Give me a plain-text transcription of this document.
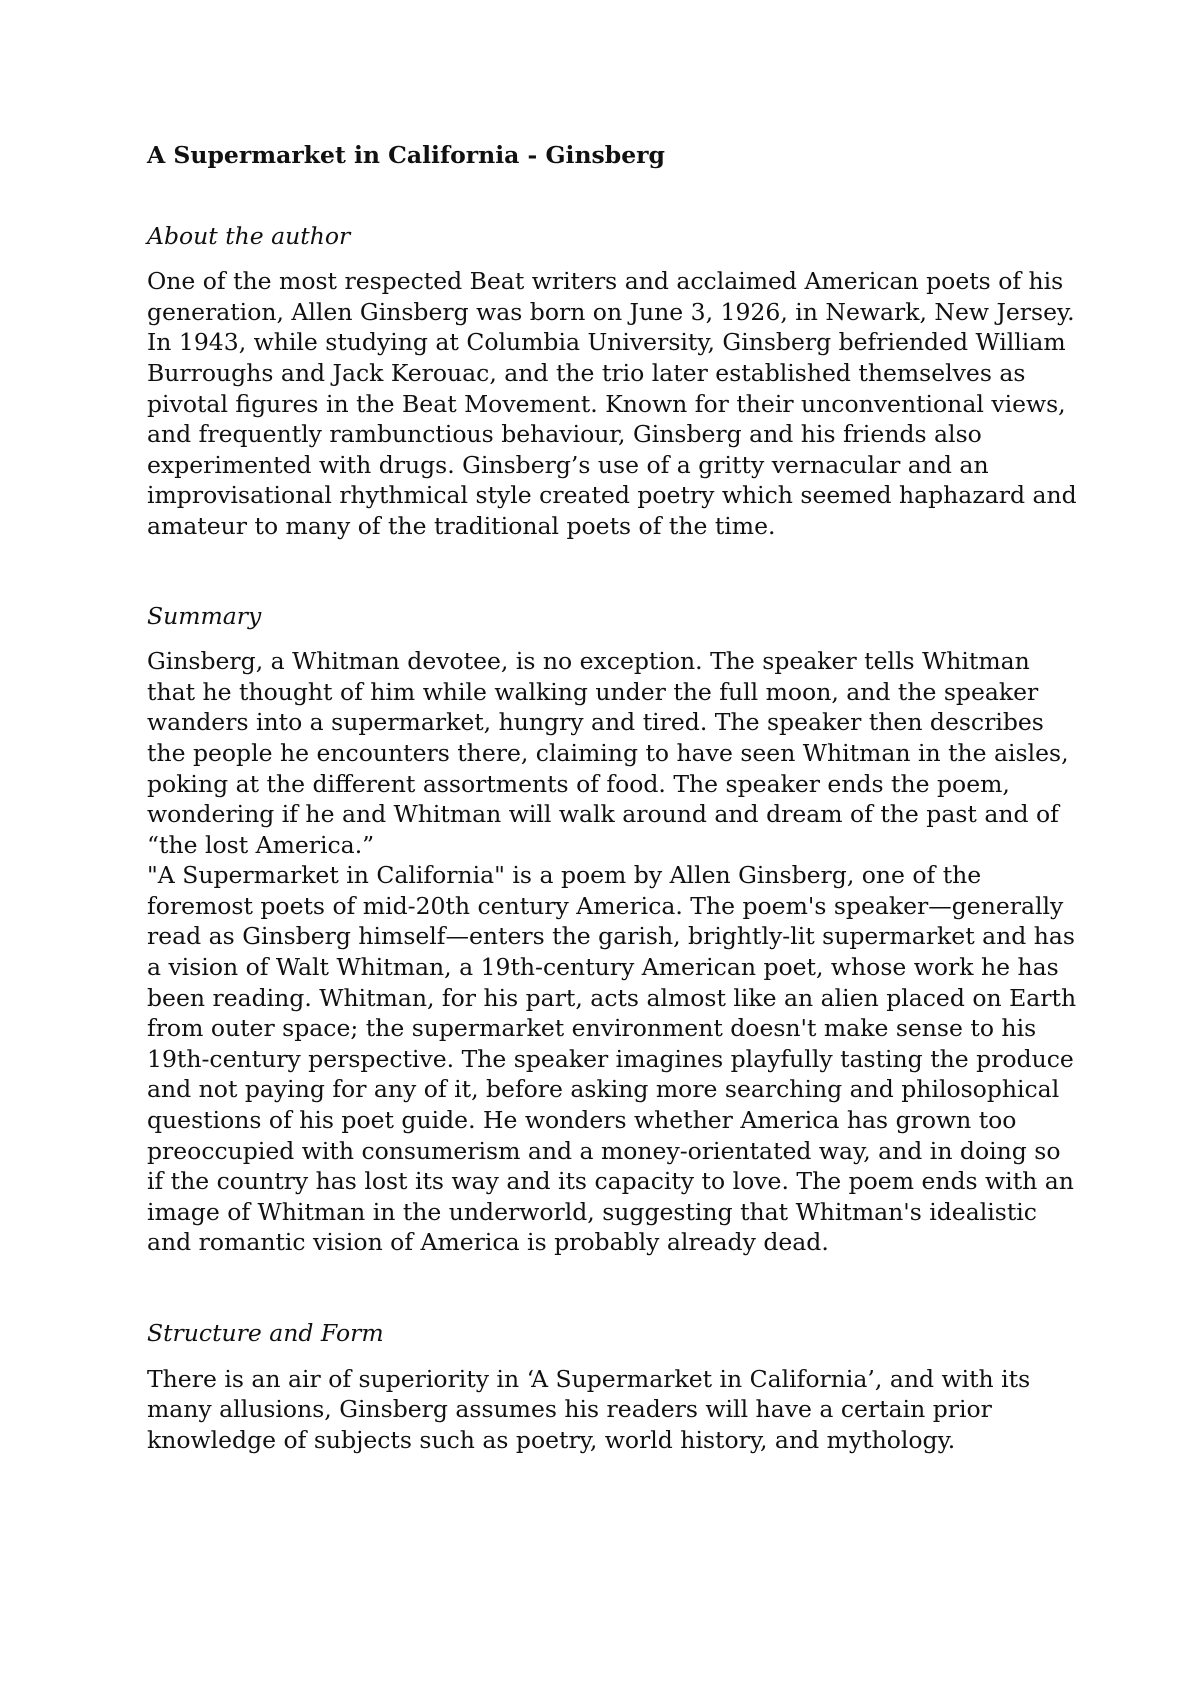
A Supermarket in California - Ginsberg
About the author

One of the most respected Beat writers and acclaimed American poets of his generation, Allen Ginsberg was born on June 3, 1926, in Newark, New Jersey. In 1943, while studying at Columbia University, Ginsberg befriended William Burroughs and Jack Kerouac, and the trio later established themselves as pivotal figures in the Beat Movement. Known for their unconventional views, and frequently rambunctious behaviour, Ginsberg and his friends also experimented with drugs. Ginsberg’s use of a gritty vernacular and an improvisational rhythmical style created poetry which seemed haphazard and amateur to many of the traditional poets of the time.

Summary

Ginsberg, a Whitman devotee, is no exception. The speaker tells Whitman that he thought of him while walking under the full moon, and the speaker wanders into a supermarket, hungry and tired. The speaker then describes the people he encounters there, claiming to have seen Whitman in the aisles, poking at the different assortments of food. The speaker ends the poem, wondering if he and Whitman will walk around and dream of the past and of “the lost America.”

"A Supermarket in California" is a poem by Allen Ginsberg, one of the foremost poets of mid-20th century America. The poem's speaker—generally read as Ginsberg himself—enters the garish, brightly-lit supermarket and has a vision of Walt Whitman, a 19th-century American poet, whose work he has been reading. Whitman, for his part, acts almost like an alien placed on Earth from outer space; the supermarket environment doesn't make sense to his 19th-century perspective. The speaker imagines playfully tasting the produce and not paying for any of it, before asking more searching and philosophical questions of his poet guide. He wonders whether America has grown too preoccupied with consumerism and a money-orientated way, and in doing so if the country has lost its way and its capacity to love. The poem ends with an image of Whitman in the underworld, suggesting that Whitman's idealistic and romantic vision of America is probably already dead.

Structure and Form

There is an air of superiority in ‘A Supermarket in California’, and with its many allusions, Ginsberg assumes his readers will have a certain prior knowledge of subjects such as poetry, world history, and mythology.
